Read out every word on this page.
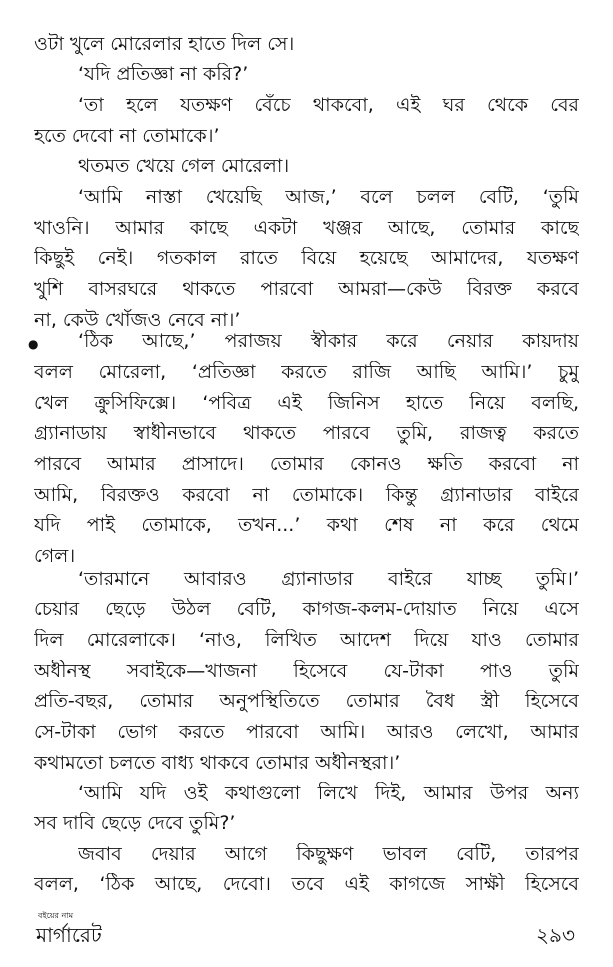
ওটা খুলে মোরেলার হাতে দিল সে।
‘যদি প্রতিজ্ঞা না করি?’
‘তা হলে যতক্ষণ বেঁচে থাকবো, এই ঘর থেকে বের
হতে দেবো না তোমাকে।’
থতমত খেয়ে গেল মোরেলা।
‘আমি নাস্তা খেয়েছি আজ,’ বলে চলল বেটি, ‘তুমি
খাওনি। আমার কাছে একটা খঞ্জর আছে, তোমার কাছে
কিছুই নেই। গতকাল রাতে বিয়ে হয়েছে আমাদের, যতক্ষণ
খুশি বাসরঘরে থাকতে পারবো আমরা—কেউ বিরক্ত করবে
না, কেউ খোঁজও নেবে না।’
● ‘ঠিক আছে,’ পরাজয় স্বীকার করে নেয়ার কায়দায়
বলল মোরেলা, ‘প্রতিজ্ঞা করতে রাজি আছি আমি।’ চুমু
খেল ক্রুসিফিক্সে। ‘পবিত্র এই জিনিস হাতে নিয়ে বলছি,
গ্র্যানাডায় স্বাধীনভাবে থাকতে পারবে তুমি, রাজত্ব করতে
পারবে আমার প্রাসাদে। তোমার কোনও ক্ষতি করবো না
আমি, বিরক্তও করবো না তোমাকে। কিন্তু গ্র্যানাডার বাইরে
যদি পাই তোমাকে, তখন...’ কথা শেষ না করে থেমে
গেল।
‘তারমানে আবারও গ্র্যানাডার বাইরে যাচ্ছ তুমি।’
চেয়ার ছেড়ে উঠল বেটি, কাগজ-কলম-দোয়াত নিয়ে এসে
দিল মোরেলাকে। ‘নাও, লিখিত আদেশ দিয়ে যাও তোমার
অধীনস্থ সবাইকে—খাজনা হিসেবে যে-টাকা পাও তুমি
প্রতি-বছর, তোমার অনুপস্থিতিতে তোমার বৈধ স্ত্রী হিসেবে
সে-টাকা ভোগ করতে পারবো আমি। আরও লেখো, আমার
কথামতো চলতে বাধ্য থাকবে তোমার অধীনস্থরা।’
‘আমি যদি ওই কথাগুলো লিখে দিই, আমার উপর অন্য
সব দাবি ছেড়ে দেবে তুমি?’
জবাব দেয়ার আগে কিছুক্ষণ ভাবল বেটি, তারপর
বলল, ‘ঠিক আছে, দেবো। তবে এই কাগজে সাক্ষী হিসেবে
বইয়ের নাম
মার্গারেট	২৯৩
